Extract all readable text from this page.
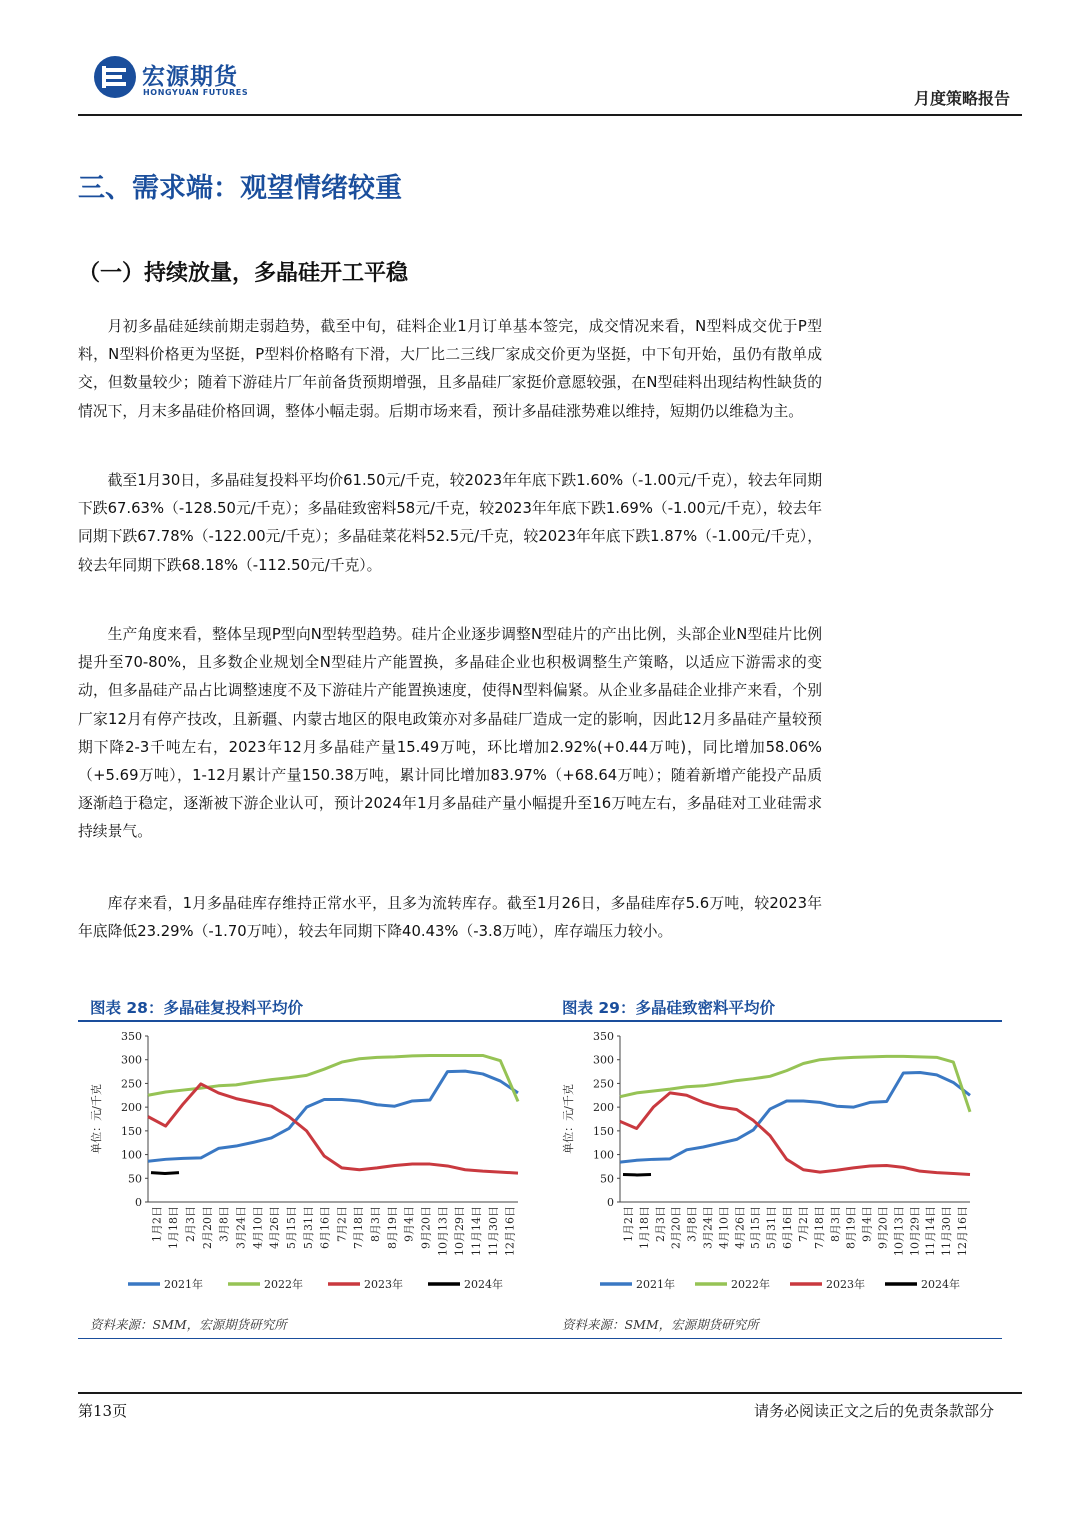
宏源期货
HONGYUAN FUTURES	月度策略报告
三、需求端：观望情绪较重
（一）持续放量，多晶硅开工平稳

月初多晶硅延续前期走弱趋势，截至中旬，硅料企业1月订单基本签完，成交情况来看，N型料成交优于P型料，N型料价格更为坚挺，P型料价格略有下滑，大厂比二三线厂家成交价更为坚挺，中下旬开始，虽仍有散单成交，但数量较少；随着下游硅片厂年前备货预期增强，且多晶硅厂家挺价意愿较强，在N型硅料出现结构性缺货的情况下，月末多晶硅价格回调，整体小幅走弱。后期市场来看，预计多晶硅涨势难以维持，短期仍以维稳为主。

截至1月30日，多晶硅复投料平均价61.50元/千克，较2023年年底下跌1.60%（-1.00元/千克），较去年同期下跌67.63%（-128.50元/千克）；多晶硅致密料58元/千克，较2023年年底下跌1.69%（-1.00元/千克），较去年同期下跌67.78%（-122.00元/千克）；多晶硅菜花料52.5元/千克，较2023年年底下跌1.87%（-1.00元/千克），较去年同期下跌68.18%（-112.50元/千克）。

生产角度来看，整体呈现P型向N型转型趋势。硅片企业逐步调整N型硅片的产出比例，头部企业N型硅片比例提升至70-80%，且多数企业规划全N型硅片产能置换，多晶硅企业也积极调整生产策略，以适应下游需求的变动，但多晶硅产品占比调整速度不及下游硅片产能置换速度，使得N型料偏紧。从企业多晶硅企业排产来看，个别厂家12月有停产技改，且新疆、内蒙古地区的限电政策亦对多晶硅厂造成一定的影响，因此12月多晶硅产量较预期下降2-3千吨左右，2023年12月多晶硅产量15.49万吨，环比增加2.92%(+0.44万吨)，同比增加58.06%（+5.69万吨），1-12月累计产量150.38万吨，累计同比增加83.97%（+68.64万吨）；随着新增产能投产品质逐渐趋于稳定，逐渐被下游企业认可，预计2024年1月多晶硅产量小幅提升至16万吨左右，多晶硅对工业硅需求持续景气。

库存来看，1月多晶硅库存维持正常水平，且多为流转库存。截至1月26日，多晶硅库存5.6万吨，较2023年年底降低23.29%（-1.70万吨），较去年同期下降40.43%（-3.8万吨），库存端压力较小。

图表 28：多晶硅复投料平均价
单位：元/千克
0
50
100
150
200
250
300
350
1月2日 1月18日 2月3日 2月20日 3月8日 3月24日 4月10日 4月26日 5月15日 5月31日 6月16日 7月2日 7月18日 8月3日 8月19日 9月4日 9月20日 10月13日 10月29日 11月14日 11月30日 12月16日
2021年	2022年	2023年	2024年
资料来源：SMM，宏源期货研究所
图表 29：多晶硅致密料平均价
单位：元/千克
0
50
100
150
200
250
300
350
1月2日 1月18日 2月3日 2月20日 3月8日 3月24日 4月10日 4月26日 5月15日 5月31日 6月16日 7月2日 7月18日 8月3日 8月19日 9月4日 9月20日 10月13日 10月29日 11月14日 11月30日 12月16日
2021年	2022年	2023年	2024年
资料来源：SMM，宏源期货研究所
第13页	请务必阅读正文之后的免责条款部分
